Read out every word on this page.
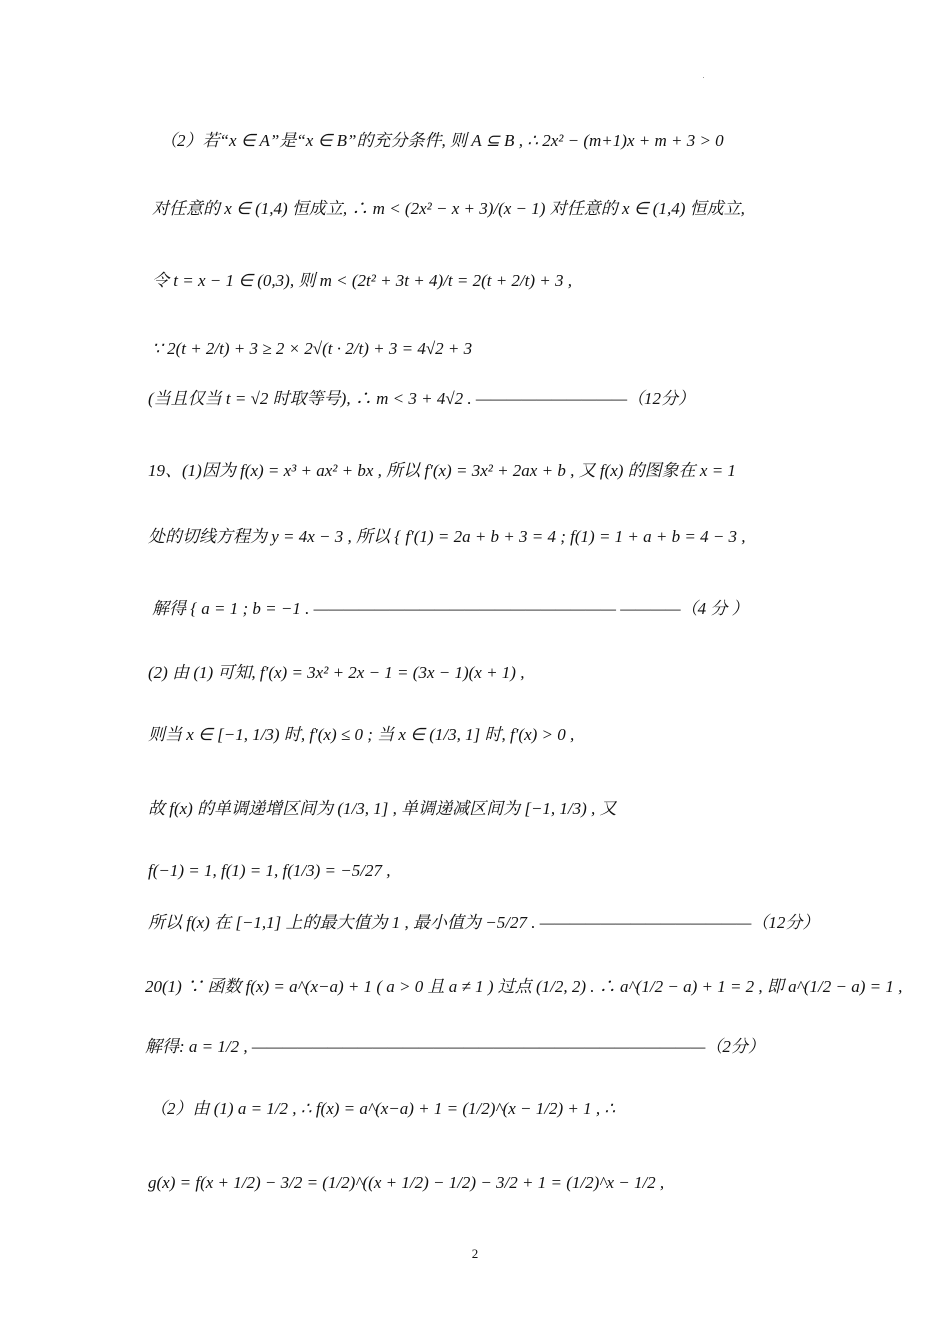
·
（2）若“x ∈ A”是“x ∈ B”的充分条件, 则 A ⊆ B , ∴ 2x² − (m+1)x + m + 3 > 0
对任意的 x ∈ (1,4) 恒成立, ∴ m < (2x² − x + 3)/(x − 1) 对任意的 x ∈ (1,4) 恒成立,
令 t = x − 1 ∈ (0,3), 则 m < (2t² + 3t + 4)/t = 2(t + 2/t) + 3 ,
∵ 2(t + 2/t) + 3 ≥ 2 × 2√(t · 2/t) + 3 = 4√2 + 3
(当且仅当 t = √2 时取等号), ∴ m < 3 + 4√2 . ——————————（12分）
19、(1)因为 f(x) = x³ + ax² + bx , 所以 f′(x) = 3x² + 2ax + b , 又 f(x) 的图象在 x = 1
处的切线方程为 y = 4x − 3 , 所以 { f′(1) = 2a + b + 3 = 4 ; f(1) = 1 + a + b = 4 − 3 ,
解得 { a = 1 ; b = −1 . ———————————————————— ————（4 分 ）
(2) 由 (1) 可知, f′(x) = 3x² + 2x − 1 = (3x − 1)(x + 1) ,
则当 x ∈ [−1, 1/3) 时, f′(x) ≤ 0 ; 当 x ∈ (1/3, 1] 时, f′(x) > 0 ,
故 f(x) 的单调递增区间为 (1/3, 1] , 单调递减区间为 [−1, 1/3) , 又
f(−1) = 1, f(1) = 1, f(1/3) = −5/27 ,
所以 f(x) 在 [−1,1] 上的最大值为 1 , 最小值为 −5/27 . ——————————————（12分）
20(1) ∵ 函数 f(x) = a^(x−a) + 1 ( a > 0 且 a ≠ 1 ) 过点 (1/2, 2) . ∴ a^(1/2 − a) + 1 = 2 , 即 a^(1/2 − a) = 1 ,
解得: a = 1/2 , ——————————————————————————————（2分）
（2）由 (1) a = 1/2 , ∴ f(x) = a^(x−a) + 1 = (1/2)^(x − 1/2) + 1 , ∴
g(x) = f(x + 1/2) − 3/2 = (1/2)^((x + 1/2) − 1/2) − 3/2 + 1 = (1/2)^x − 1/2 ,
2
